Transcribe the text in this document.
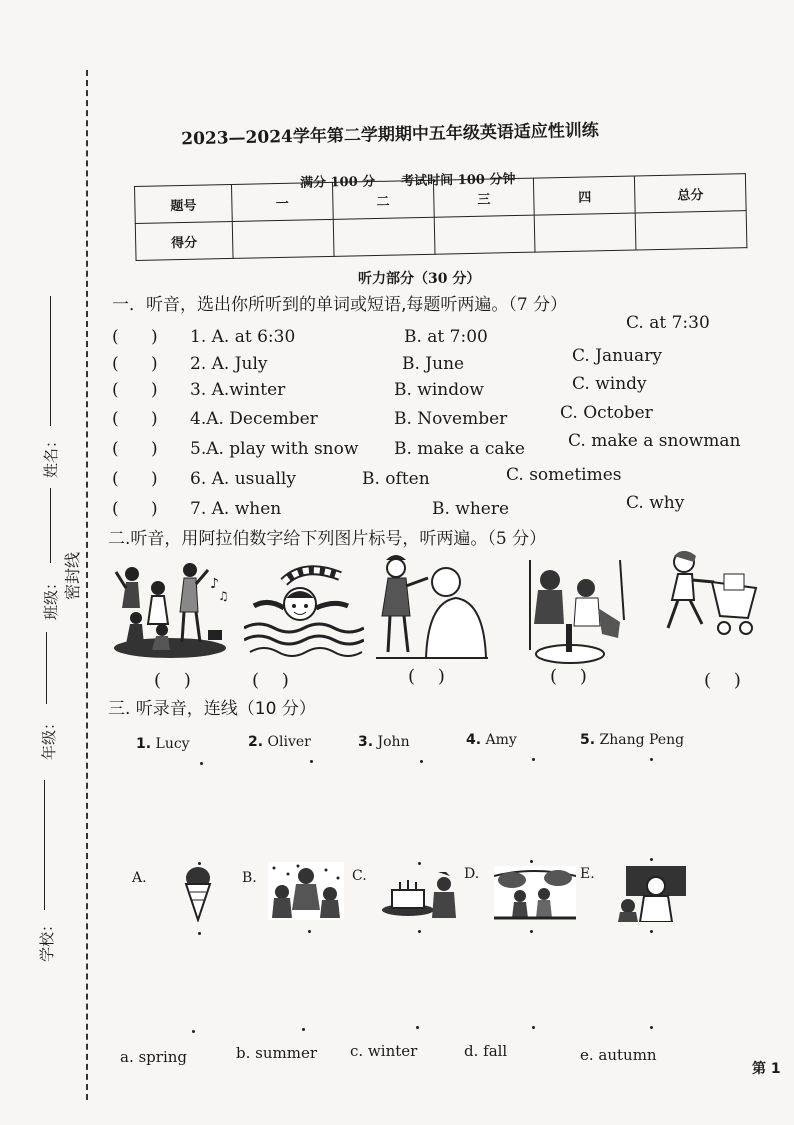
姓名：
班级： 密封线
年级：
学校：
2023—2024学年第二学期期中五年级英语适应性训练
满分 100 分　　考试时间 100 分钟
题号	一	二	三	四	总分
得分					
听力部分（30 分）
一．听音，选出你所听到的单词或短语,每题听两遍。（7 分）
(      ) 1. A. at 6:30	B. at 7:00
C. at 7:30
(      ) 2. A. July	B. June	C. January
(      ) 3. A.winter	B. window	C. windy
(      ) 4.A. December	B. November	C. October
(      ) 5.A. play with snow B. make a cake	C. make a snowman
(      ) 6. A. usually	B. often	C. sometimes
(      ) 7. A. when	B. where	C. why
二.听音，用阿拉伯数字给下列图片标号，听两遍。（5 分）
♪
♫
(    )	(    )	(    )	(    )	(    )
三. 听录音，连线（10 分）
1. Lucy	2. Oliver	3. John	4. Amy	5. Zhang Peng
A.	B.	C.	D.	E.
a. spring	b. summer c. winter	d. fall	e. autumn
第 1
